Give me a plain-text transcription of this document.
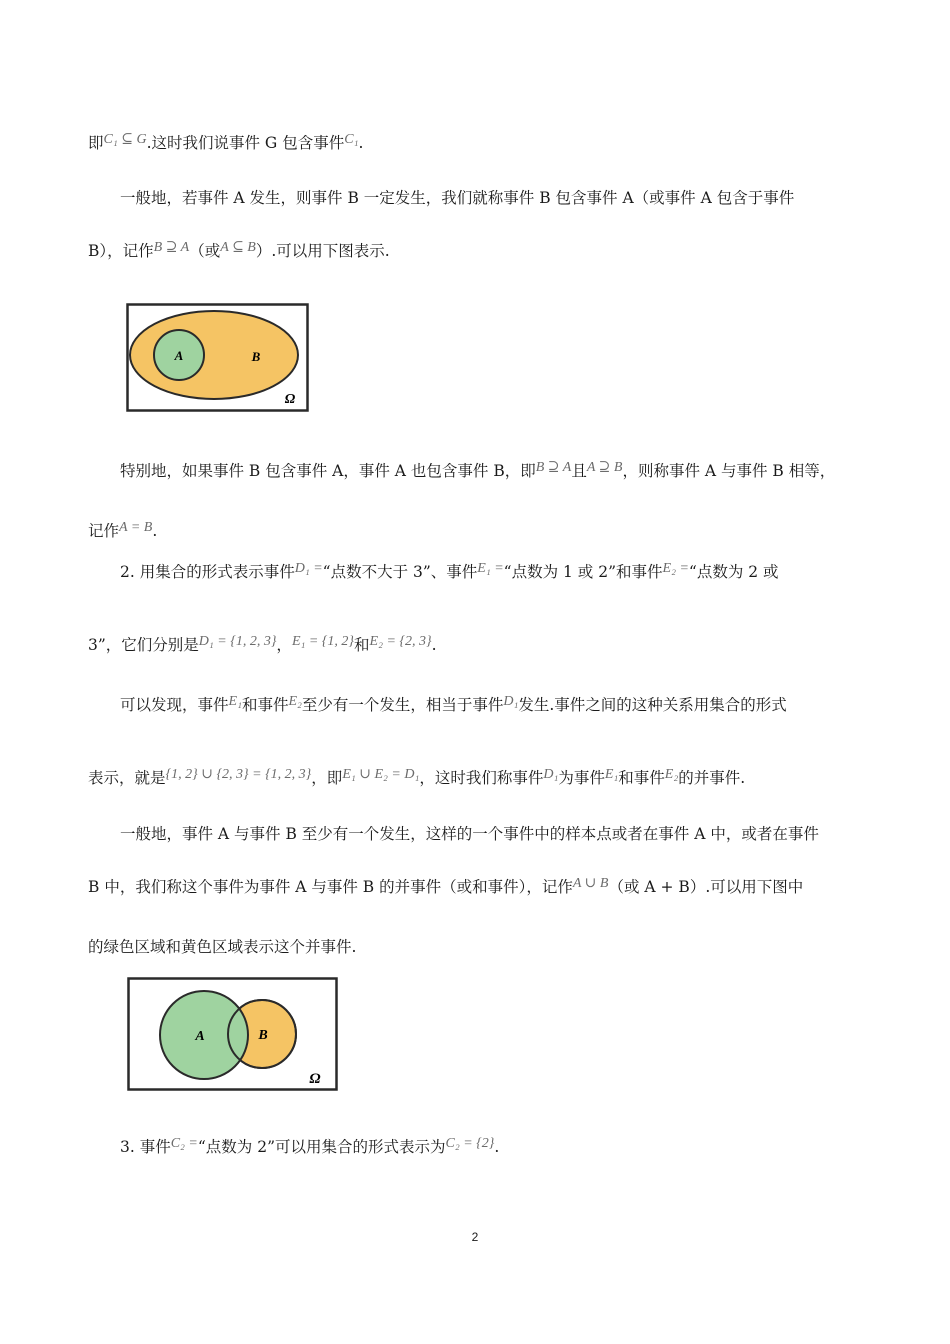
即C₁ ⊆ G.这时我们说事件 G 包含事件C₁.
一般地，若事件 A 发生，则事件 B 一定发生，我们就称事件 B 包含事件 A（或事件 A 包含于事件
B），记作B ⊇ A（或A ⊆ B）.可以用下图表示.
A	B
Ω
特别地，如果事件 B 包含事件 A，事件 A 也包含事件 B，即B ⊇ A且A ⊇ B，则称事件 A 与事件 B 相等，
记作A = B.
2. 用集合的形式表示事件D₁ =“点数不大于 3”、事件E₁ =“点数为 1 或 2”和事件E₂ =“点数为 2 或
3”，它们分别是D₁ = {1, 2, 3}，E₁ = {1, 2}和E₂ = {2, 3}.
可以发现，事件E₁和事件E₂至少有一个发生，相当于事件D₁发生.事件之间的这种关系用集合的形式
表示，就是{1, 2} ∪ {2, 3} = {1, 2, 3}，即E₁ ∪ E₂ = D₁，这时我们称事件D₁为事件E₁和事件E₂的并事件.
一般地，事件 A 与事件 B 至少有一个发生，这样的一个事件中的样本点或者在事件 A 中，或者在事件
B 中，我们称这个事件为事件 A 与事件 B 的并事件（或和事件），记作A ∪ B（或 A + B）.可以用下图中
的绿色区域和黄色区域表示这个并事件.
A	B
Ω
3. 事件C₂ =“点数为 2”可以用集合的形式表示为C₂ = {2}.
2
